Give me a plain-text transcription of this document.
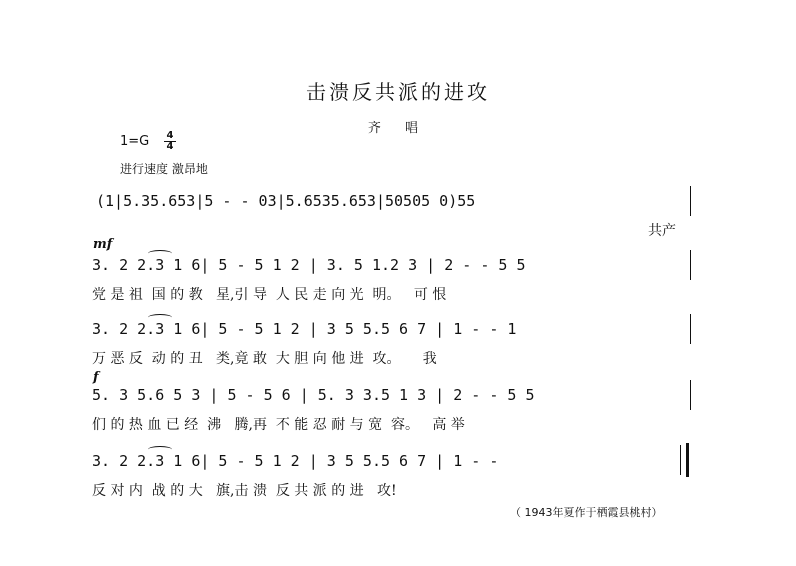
击溃反共派的进攻
齐 唱
1=G 4
4
进行速度 激昂地
(1|5.35.653|5 - - 03|5.6535.653|50505 0)55
共产
mf
3. 2 2.3 1 6| 5 - 5 1 2 | 3. 5 1.2 3 | 2 - - 5 5
党 是 祖  国 的 教   星,引 导  人 民 走 向 光  明。   可 恨
3. 2 2.3 1 6| 5 - 5 1 2 | 3 5 5.5 6 7 | 1 - - 1
万 恶 反  动 的 丑   类,竟 敢  大 胆 向 他 进  攻。     我
f
5. 3 5.6 5 3 | 5 - 5 6 | 5. 3 3.5 1 3 | 2 - - 5 5
们 的 热 血 已 经  沸   腾,再  不 能 忍 耐 与 宽  容。   高 举
3. 2 2.3 1 6| 5 - 5 1 2 | 3 5 5.5 6 7 | 1 - -
反 对 内  战 的 大   旗,击 溃  反 共 派 的 进   攻!
（ 1943年夏作于栖霞县桃村）
